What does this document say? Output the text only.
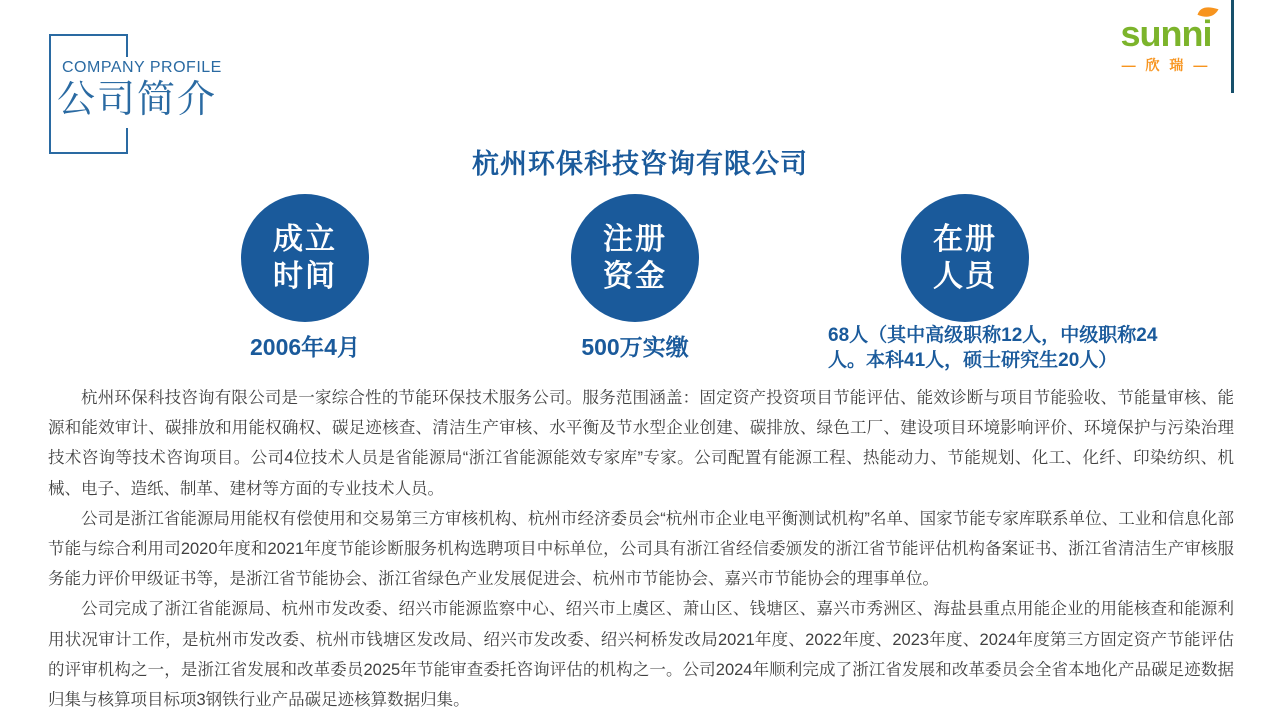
COMPANY PROFILE
公司简介
sunni
— 欣 瑞 —
杭州环保科技咨询有限公司
成立
时间
注册
资金
在册
人员
2006年4月	500万实缴	68人（其中高级职称12人，中级职称24人。本科41人，硕士研究生20人）

杭州环保科技咨询有限公司是一家综合性的节能环保技术服务公司。服务范围涵盖：固定资产投资项目节能评估、能效诊断与项目节能验收、节能量审核、能源和能效审计、碳排放和用能权确权、碳足迹核查、清洁生产审核、水平衡及节水型企业创建、碳排放、绿色工厂、建设项目环境影响评价、环境保护与污染治理技术咨询等技术咨询项目。公司4位技术人员是省能源局“浙江省能源能效专家库”专家。公司配置有能源工程、热能动力、节能规划、化工、化纤、印染纺织、机械、电子、造纸、制革、建材等方面的专业技术人员。

公司是浙江省能源局用能权有偿使用和交易第三方审核机构、杭州市经济委员会“杭州市企业电平衡测试机构”名单、国家节能专家库联系单位、工业和信息化部节能与综合利用司2020年度和2021年度节能诊断服务机构选聘项目中标单位，公司具有浙江省经信委颁发的浙江省节能评估机构备案证书、浙江省清洁生产审核服务能力评价甲级证书等，是浙江省节能协会、浙江省绿色产业发展促进会、杭州市节能协会、嘉兴市节能协会的理事单位。

公司完成了浙江省能源局、杭州市发改委、绍兴市能源监察中心、绍兴市上虞区、萧山区、钱塘区、嘉兴市秀洲区、海盐县重点用能企业的用能核查和能源利用状况审计工作，是杭州市发改委、杭州市钱塘区发改局、绍兴市发改委、绍兴柯桥发改局2021年度、2022年度、2023年度、2024年度第三方固定资产节能评估的评审机构之一，是浙江省发展和改革委员2025年节能审查委托咨询评估的机构之一。公司2024年顺利完成了浙江省发展和改革委员会全省本地化产品碳足迹数据归集与核算项目标项3钢铁行业产品碳足迹核算数据归集。
